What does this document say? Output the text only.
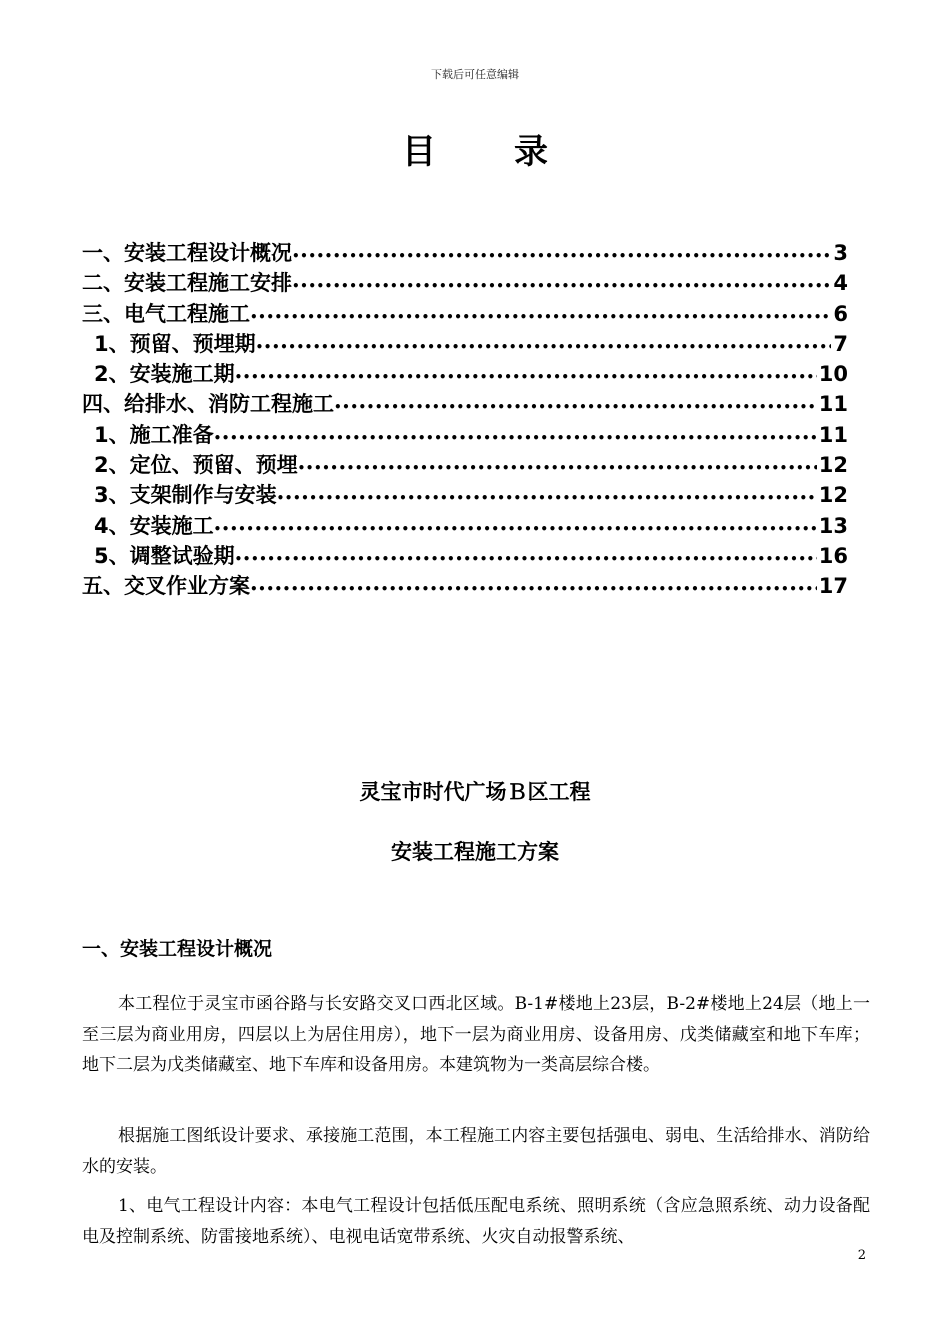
下载后可任意编辑
目录
一、安装工程设计概况 •••••	3
二、安装工程施工安排 •••••	4
三、电气工程施工 •••••	6
1、预留、预埋期 •••••	7
2、安装施工期 •••••	10
四、给排水、消防工程施工 •••••	11
1、施工准备 •••••	11
2、定位、预留、预埋 •••••	12
3、支架制作与安装 •••••	12
4、安装施工 •••••	13
5、调整试验期 •••••	16
五、交叉作业方案 •••••	17
灵宝市时代广场Ｂ区工程
安装工程施工方案
一、安装工程设计概况

本工程位于灵宝市函谷路与长安路交叉口西北区域。B-1#楼地上23层，B-2#楼地上24层（地上一至三层为商业用房，四层以上为居住用房），地下一层为商业用房、设备用房、戊类储藏室和地下车库；地下二层为戊类储藏室、地下车库和设备用房。本建筑物为一类高层综合楼。

根据施工图纸设计要求、承接施工范围，本工程施工内容主要包括强电、弱电、生活给排水、消防给水的安装。

1、电气工程设计内容：本电气工程设计包括低压配电系统、照明系统（含应急照系统、动力设备配电及控制系统、防雷接地系统）、电视电话宽带系统、火灾自动报警系统、

2
